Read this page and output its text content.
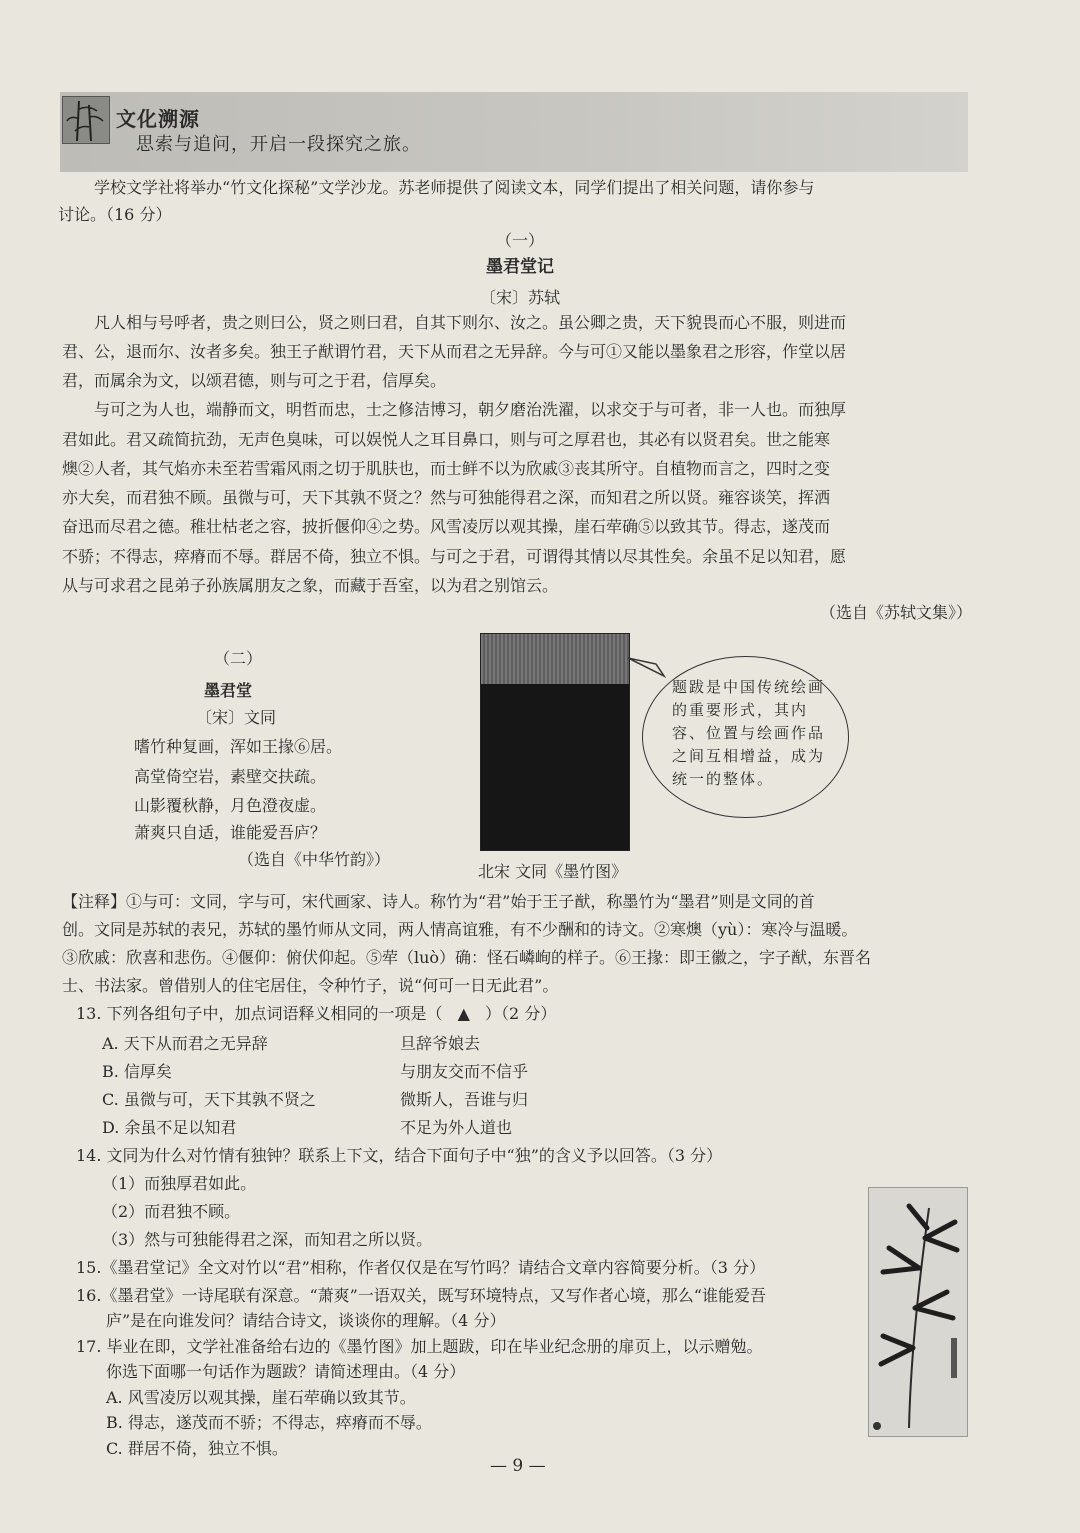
文化溯源
思索与追问，开启一段探究之旅。
学校文学社将举办“竹文化探秘”文学沙龙。苏老师提供了阅读文本，同学们提出了相关问题，请你参与
讨论。（16 分）
（一）
墨君堂记
〔宋〕苏轼
凡人相与号呼者，贵之则曰公，贤之则曰君，自其下则尔、汝之。虽公卿之贵，天下貌畏而心不服，则进而
君、公，退而尔、汝者多矣。独王子猷谓竹君，天下从而君之无异辞。今与可①又能以墨象君之形容，作堂以居
君，而属余为文，以颂君德，则与可之于君，信厚矣。
与可之为人也，端静而文，明哲而忠，士之修洁博习，朝夕磨治洗濯，以求交于与可者，非一人也。而独厚
君如此。君又疏简抗劲，无声色臭味，可以娱悦人之耳目鼻口，则与可之厚君也，其必有以贤君矣。世之能寒
燠②人者，其气焰亦未至若雪霜风雨之切于肌肤也，而士鲜不以为欣戚③丧其所守。自植物而言之，四时之变
亦大矣，而君独不顾。虽微与可，天下其孰不贤之？然与可独能得君之深，而知君之所以贤。雍容谈笑，挥洒
奋迅而尽君之德。稚壮枯老之容，披折偃仰④之势。风雪凌厉以观其操，崖石荦确⑤以致其节。得志，遂茂而
不骄；不得志，瘁瘠而不辱。群居不倚，独立不惧。与可之于君，可谓得其情以尽其性矣。余虽不足以知君，愿
从与可求君之昆弟子孙族属朋友之象，而藏于吾室，以为君之别馆云。
（选自《苏轼文集》）
（二）
墨君堂
〔宋〕文同
嗜竹种复画，浑如王掾⑥居。
高堂倚空岩，素壁交扶疏。
山影覆秋静，月色澄夜虚。
萧爽只自适，谁能爱吾庐？
（选自《中华竹韵》）
题跋是中国传统绘画的重要形式，其内容、位置与绘画作品之间互相增益，成为统一的整体。
北宋 文同《墨竹图》
【注释】①与可：文同，字与可，宋代画家、诗人。称竹为“君”始于王子猷，称墨竹为“墨君”则是文同的首
创。文同是苏轼的表兄，苏轼的墨竹师从文同，两人情高谊雅，有不少酬和的诗文。②寒燠（yù）：寒冷与温暖。
③欣戚：欣喜和悲伤。④偃仰：俯伏仰起。⑤荦（luò）确：怪石嶙峋的样子。⑥王掾：即王徽之，字子猷，东晋名
士、书法家。曾借别人的住宅居住，令种竹子，说“何可一日无此君”。
13. 下列各组句子中，加点词语释义相同的一项是（ ▲ ）（2 分）
A. 天下从而君之无异辞	旦辞爷娘去
B. 信厚矣	与朋友交而不信乎
C. 虽微与可，天下其孰不贤之	微斯人，吾谁与归
D. 余虽不足以知君	不足为外人道也
14. 文同为什么对竹情有独钟？联系上下文，结合下面句子中“独”的含义予以回答。（3 分）
（1）而独厚君如此。
（2）而君独不顾。
（3）然与可独能得君之深，而知君之所以贤。
15.《墨君堂记》全文对竹以“君”相称，作者仅仅是在写竹吗？请结合文章内容简要分析。（3 分）
16.《墨君堂》一诗尾联有深意。“萧爽”一语双关，既写环境特点，又写作者心境，那么“谁能爱吾
庐”是在向谁发问？请结合诗文，谈谈你的理解。（4 分）
17. 毕业在即，文学社准备给右边的《墨竹图》加上题跋，印在毕业纪念册的扉页上，以示赠勉。
你选下面哪一句话作为题跋？请简述理由。（4 分）
A. 风雪凌厉以观其操，崖石荦确以致其节。
B. 得志，遂茂而不骄；不得志，瘁瘠而不辱。
C. 群居不倚，独立不惧。
— 9 —
